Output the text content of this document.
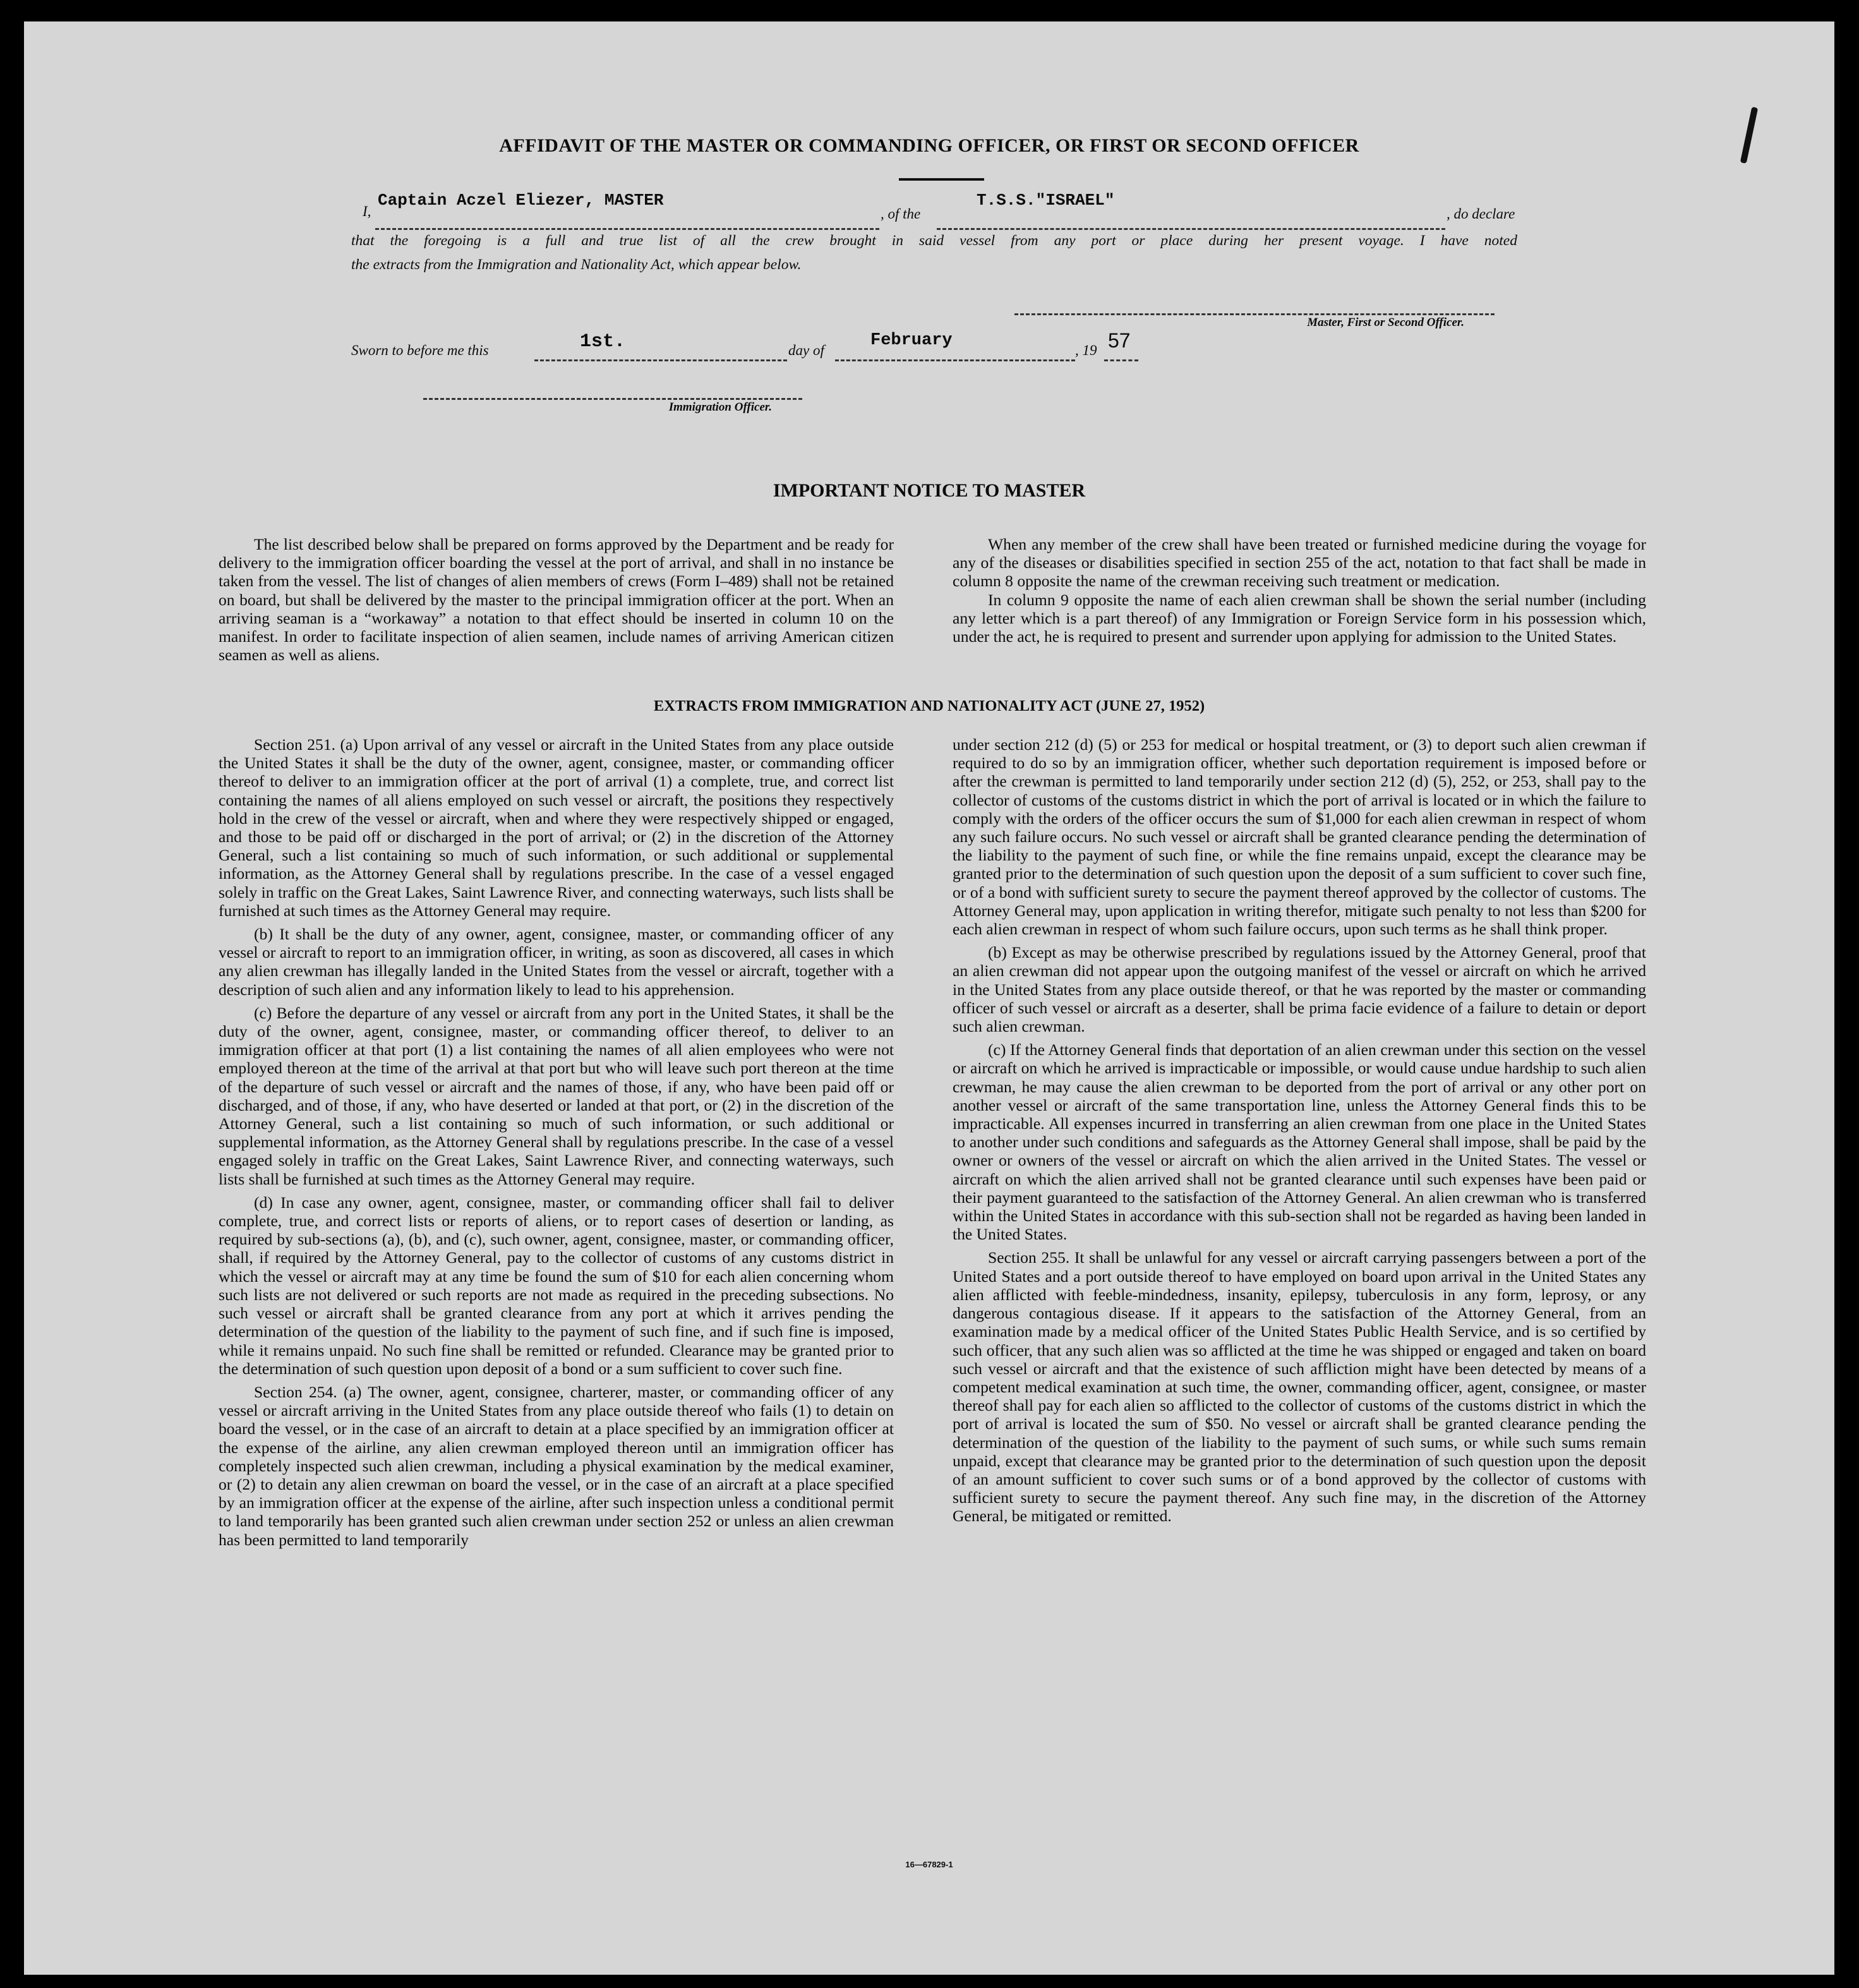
AFFIDAVIT OF THE MASTER OR COMMANDING OFFICER, OR FIRST OR SECOND OFFICER
I,
Captain Aczel Eliezer, MASTER
, of the
T.S.S."ISRAEL"
, do declare
that the foregoing is a full and true list of all the crew brought in said vessel from any port or place during her present voyage. I have noted
the extracts from the Immigration and Nationality Act, which appear below.
Master, First or Second Officer.
Sworn to before me this	1st.	day of
February
, 19 57
Immigration Officer.
IMPORTANT NOTICE TO MASTER

The list described below shall be prepared on forms approved by the Department and be ready for delivery to the immigration officer boarding the vessel at the port of arrival, and shall in no instance be taken from the vessel. The list of changes of alien members of crews (Form I–489) shall not be retained on board, but shall be delivered by the master to the principal immigration officer at the port. When an arriving seaman is a “workaway” a notation to that effect should be inserted in column 10 on the manifest. In order to facilitate inspection of alien seamen, include names of arriving American citizen seamen as well as aliens.

When any member of the crew shall have been treated or furnished medicine during the voyage for any of the diseases or disabilities specified in section 255 of the act, notation to that fact shall be made in column 8 opposite the name of the crewman receiving such treatment or medication.

In column 9 opposite the name of each alien crewman shall be shown the serial number (including any letter which is a part thereof) of any Immigration or Foreign Service form in his possession which, under the act, he is required to present and surrender upon applying for admission to the United States.

EXTRACTS FROM IMMIGRATION AND NATIONALITY ACT (JUNE 27, 1952)

Section 251. (a) Upon arrival of any vessel or aircraft in the United States from any place outside the United States it shall be the duty of the owner, agent, consignee, master, or commanding officer thereof to deliver to an immigration officer at the port of arrival (1) a complete, true, and correct list containing the names of all aliens employed on such vessel or aircraft, the positions they respectively hold in the crew of the vessel or aircraft, when and where they were respectively shipped or engaged, and those to be paid off or discharged in the port of arrival; or (2) in the discretion of the Attorney General, such a list containing so much of such information, or such additional or supplemental information, as the Attorney General shall by regulations prescribe. In the case of a vessel engaged solely in traffic on the Great Lakes, Saint Lawrence River, and connecting waterways, such lists shall be furnished at such times as the Attorney General may require.

(b) It shall be the duty of any owner, agent, consignee, master, or commanding officer of any vessel or aircraft to report to an immigration officer, in writing, as soon as discovered, all cases in which any alien crewman has illegally landed in the United States from the vessel or aircraft, together with a description of such alien and any information likely to lead to his apprehension.

(c) Before the departure of any vessel or aircraft from any port in the United States, it shall be the duty of the owner, agent, consignee, master, or commanding officer thereof, to deliver to an immigration officer at that port (1) a list containing the names of all alien employees who were not employed thereon at the time of the arrival at that port but who will leave such port thereon at the time of the departure of such vessel or aircraft and the names of those, if any, who have been paid off or discharged, and of those, if any, who have deserted or landed at that port, or (2) in the discretion of the Attorney General, such a list containing so much of such information, or such additional or supplemental information, as the Attorney General shall by regulations prescribe. In the case of a vessel engaged solely in traffic on the Great Lakes, Saint Lawrence River, and connecting waterways, such lists shall be furnished at such times as the Attorney General may require.

(d) In case any owner, agent, consignee, master, or commanding officer shall fail to deliver complete, true, and correct lists or reports of aliens, or to report cases of desertion or landing, as required by sub-sections (a), (b), and (c), such owner, agent, consignee, master, or commanding officer, shall, if required by the Attorney General, pay to the collector of customs of any customs district in which the vessel or aircraft may at any time be found the sum of $10 for each alien concerning whom such lists are not delivered or such reports are not made as required in the preceding subsections. No such vessel or aircraft shall be granted clearance from any port at which it arrives pending the determination of the question of the liability to the payment of such fine, and if such fine is imposed, while it remains unpaid. No such fine shall be remitted or refunded. Clearance may be granted prior to the determination of such question upon deposit of a bond or a sum sufficient to cover such fine.

Section 254. (a) The owner, agent, consignee, charterer, master, or commanding officer of any vessel or aircraft arriving in the United States from any place outside thereof who fails (1) to detain on board the vessel, or in the case of an aircraft to detain at a place specified by an immigration officer at the expense of the airline, any alien crewman employed thereon until an immigration officer has completely inspected such alien crewman, including a physical examination by the medical examiner, or (2) to detain any alien crewman on board the vessel, or in the case of an aircraft at a place specified by an immigration officer at the expense of the airline, after such inspection unless a conditional permit to land temporarily has been granted such alien crewman under section 252 or unless an alien crewman has been permitted to land temporarily

under section 212 (d) (5) or 253 for medical or hospital treatment, or (3) to deport such alien crewman if required to do so by an immigration officer, whether such deportation requirement is imposed before or after the crewman is permitted to land temporarily under section 212 (d) (5), 252, or 253, shall pay to the collector of customs of the customs district in which the port of arrival is located or in which the failure to comply with the orders of the officer occurs the sum of $1,000 for each alien crewman in respect of whom any such failure occurs. No such vessel or aircraft shall be granted clearance pending the determination of the liability to the payment of such fine, or while the fine remains unpaid, except the clearance may be granted prior to the determination of such question upon the deposit of a sum sufficient to cover such fine, or of a bond with sufficient surety to secure the payment thereof approved by the collector of customs. The Attorney General may, upon application in writing therefor, mitigate such penalty to not less than $200 for each alien crewman in respect of whom such failure occurs, upon such terms as he shall think proper.

(b) Except as may be otherwise prescribed by regulations issued by the Attorney General, proof that an alien crewman did not appear upon the outgoing manifest of the vessel or aircraft on which he arrived in the United States from any place outside thereof, or that he was reported by the master or commanding officer of such vessel or aircraft as a deserter, shall be prima facie evidence of a failure to detain or deport such alien crewman.

(c) If the Attorney General finds that deportation of an alien crewman under this section on the vessel or aircraft on which he arrived is impracticable or impossible, or would cause undue hardship to such alien crewman, he may cause the alien crewman to be deported from the port of arrival or any other port on another vessel or aircraft of the same transportation line, unless the Attorney General finds this to be impracticable. All expenses incurred in transferring an alien crewman from one place in the United States to another under such conditions and safeguards as the Attorney General shall impose, shall be paid by the owner or owners of the vessel or aircraft on which the alien arrived in the United States. The vessel or aircraft on which the alien arrived shall not be granted clearance until such expenses have been paid or their payment guaranteed to the satisfaction of the Attorney General. An alien crewman who is transferred within the United States in accordance with this sub-section shall not be regarded as having been landed in the United States.

Section 255. It shall be unlawful for any vessel or aircraft carrying passengers between a port of the United States and a port outside thereof to have employed on board upon arrival in the United States any alien afflicted with feeble-mindedness, insanity, epilepsy, tuberculosis in any form, leprosy, or any dangerous contagious disease. If it appears to the satisfaction of the Attorney General, from an examination made by a medical officer of the United States Public Health Service, and is so certified by such officer, that any such alien was so afflicted at the time he was shipped or engaged and taken on board such vessel or aircraft and that the existence of such affliction might have been detected by means of a competent medical examination at such time, the owner, commanding officer, agent, consignee, or master thereof shall pay for each alien so afflicted to the collector of customs of the customs district in which the port of arrival is located the sum of $50. No vessel or aircraft shall be granted clearance pending the determination of the question of the liability to the payment of such sums, or while such sums remain unpaid, except that clearance may be granted prior to the determination of such question upon the deposit of an amount sufficient to cover such sums or of a bond approved by the collector of customs with sufficient surety to secure the payment thereof. Any such fine may, in the discretion of the Attorney General, be mitigated or remitted.

16—67829-1
